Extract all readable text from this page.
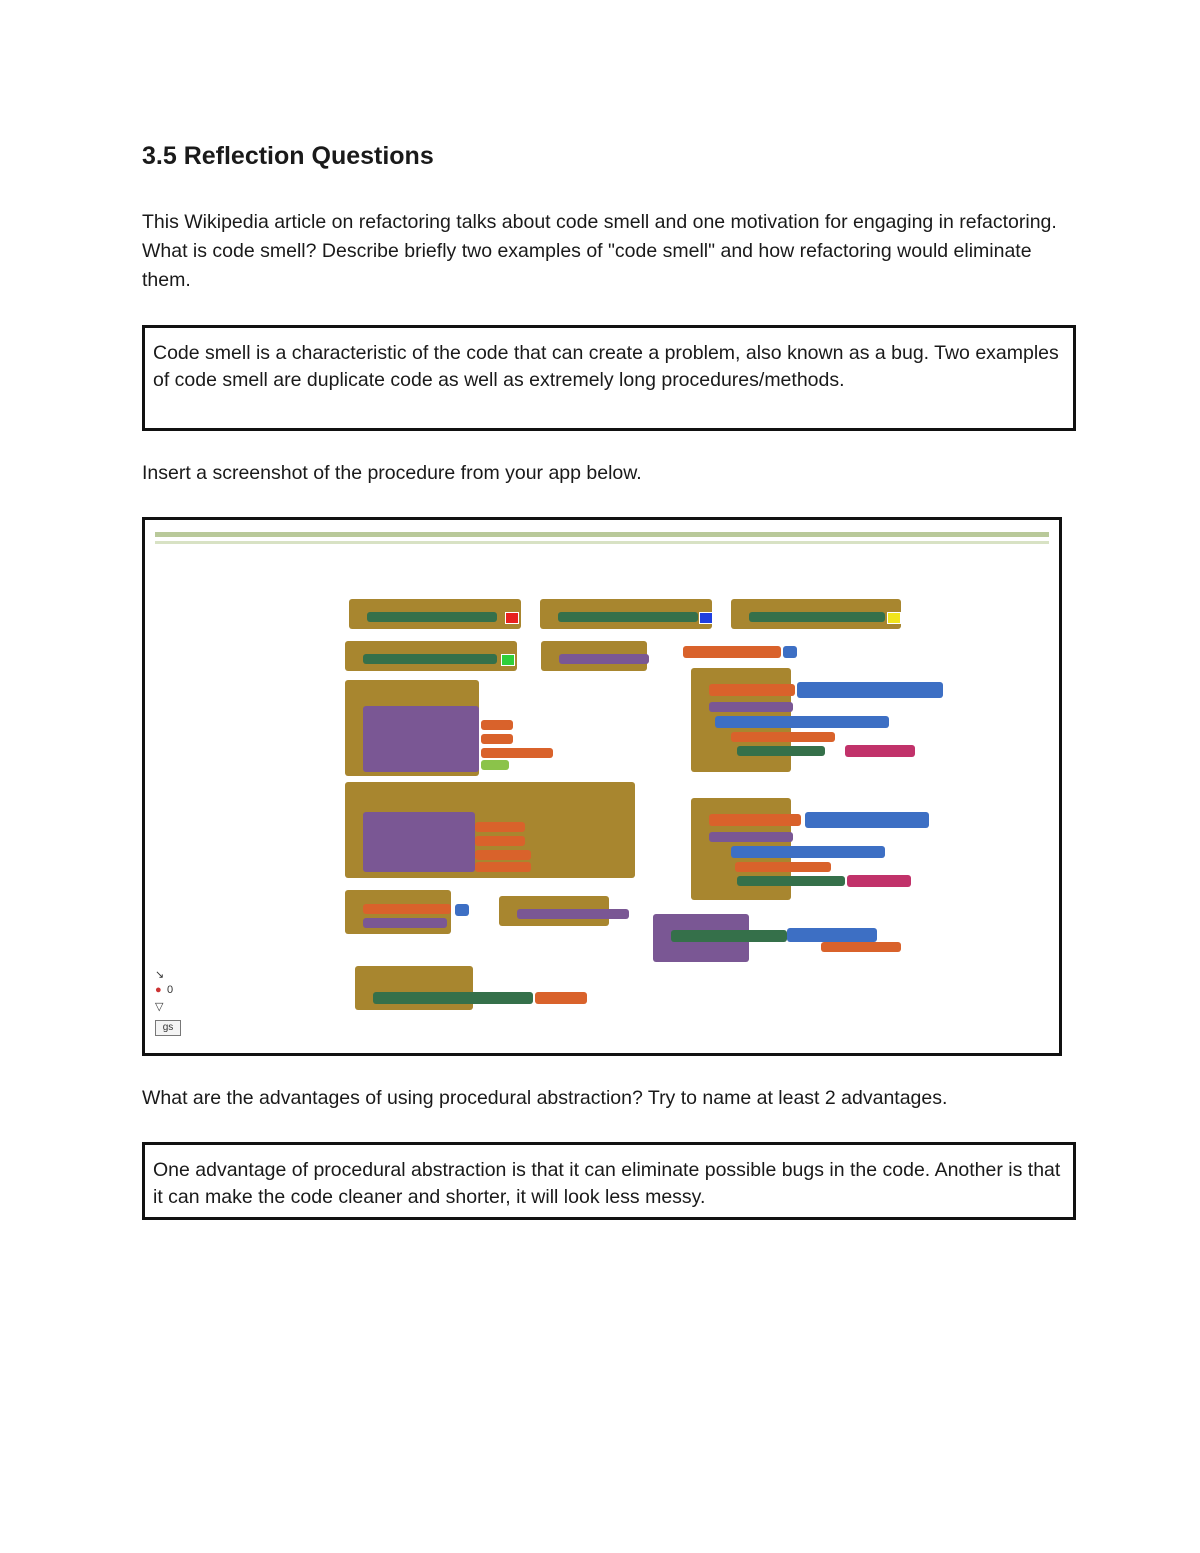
3.5 Reflection Questions

This Wikipedia article on refactoring talks about code smell and one motivation for engaging in refactoring. What is code smell? Describe briefly two examples of "code smell" and how refactoring would eliminate them.

Code smell is a characteristic of the code that can create a problem, also known as a bug. Two examples of code smell are duplicate code as well as extremely long procedures/methods.

Insert a screenshot of the procedure from your app below.

↘
● 0
▽
gs

What are the advantages of using procedural abstraction? Try to name at least 2 advantages.

One advantage of procedural abstraction is that it can eliminate possible bugs in the code. Another is that it can make the code cleaner and shorter, it will look less messy.
